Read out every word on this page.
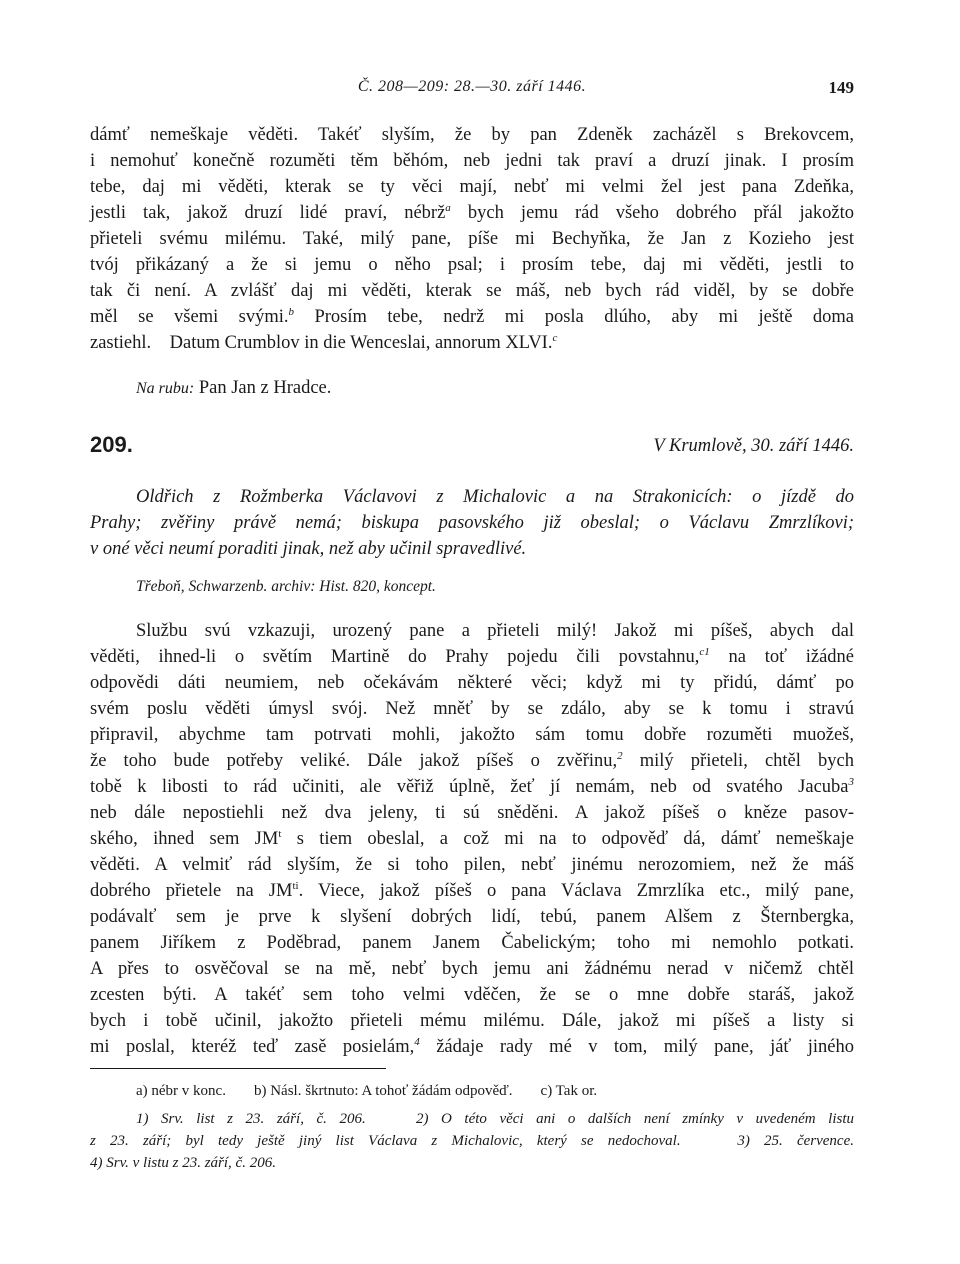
Č. 208—209: 28.—30. září 1446.	149
dámť nemeškaje věděti. Takéť slyším, že by pan Zdeněk zacházěl s Brekovcem,
i nemohuť konečně rozuměti těm běhóm, neb jedni tak praví a druzí jinak. I prosím
tebe, daj mi věděti, kterak se ty věci mají, nebť mi velmi žel jest pana Zdeňka,
jestli tak, jakož druzí lidé praví, nébrž$^a$ bych jemu rád všeho dobrého přál jakožto
přieteli svému milému. Také, milý pane, píše mi Bechyňka, že Jan z Kozieho jest
tvój přikázaný a že si jemu o něho psal; i prosím tebe, daj mi věděti, jestli to
tak či není. A zvlášť daj mi věděti, kterak se máš, neb bych rád viděl, by se dobře
měl se všemi svými.$^b$ Prosím tebe, nedrž mi posla dlúho, aby mi ještě doma
zastiehl.    Datum Crumblov in die Wenceslai, annorum XLVI.$^c$
Na rubu: Pan Jan z Hradce.
209.	V Krumlově, 30. září 1446.
Oldřich z Rožmberka Václavovi z Michalovic a na Strakonicích: o jízdě do
Prahy; zvěřiny právě nemá; biskupa pasovského již obeslal; o Václavu Zmrzlíkovi;
v oné věci neumí poraditi jinak, než aby učinil spravedlivé.
Třeboň, Schwarzenb. archiv: Hist. 820, koncept.
Službu svú vzkazuji, urozený pane a přieteli milý! Jakož mi píšeš, abych dal
věděti, ihned-li o světím Martině do Prahy pojedu čili povstahnu,$^{c1}$ na toť ižádné
odpovědi dáti neumiem, neb očekávám některé věci; když mi ty přidú, dámť po
svém poslu věděti úmysl svój. Než mněť by se zdálo, aby se k tomu i stravú
připravil, abychme tam potrvati mohli, jakožto sám tomu dobře rozuměti muožeš,
že toho bude potřeby veliké. Dále jakož píšeš o zvěřinu,$^2$ milý přieteli, chtěl bych
tobě k libosti to rád učiniti, ale věřiž úplně, žeť jí nemám, neb od svatého Jacuba$^3$
neb dále nepostiehli než dva jeleny, ti sú sněděni. A jakož píšeš o kněze pasov-
ského, ihned sem $JM^t$ s tiem obeslal, a což mi na to odpověď dá, dámť nemeškaje
věděti. A velmiť rád slyším, že si toho pilen, nebť jinému nerozomiem, než že máš
dobrého přietele na $JM^{ti}$. Viece, jakož píšeš o pana Václava Zmrzlíka etc., milý pane,
podávalť sem je prve k slyšení dobrých lidí, tebú, panem Alšem z Šternbergka,
panem Jiříkem z Poděbrad, panem Janem Čabelickým; toho mi nemohlo potkati.
A přes to osvěčoval se na mě, nebť bych jemu ani žádnému nerad v ničemž chtěl
zcesten býti. A takéť sem toho velmi vděčen, že se o mne dobře staráš, jakož
bych i tobě učinil, jakožto přieteli mému milému. Dále, jakož mi píšeš a listy si
mi poslal, kteréž teď zasě posielám,$^4$ žádaje rady mé v tom, milý pane, jáť jiného
a) nébr v konc. b) Násl. škrtnuto: A tohoť žádám odpověď. c) Tak or.
1) Srv. list z 23. září, č. 206.    2) O této věci ani o dalších není zmínky v uvedeném listu
z 23. září; byl tedy ještě jiný list Václava z Michalovic, který se nedochoval.    3) 25. července.
4) Srv. v listu z 23. září, č. 206.
